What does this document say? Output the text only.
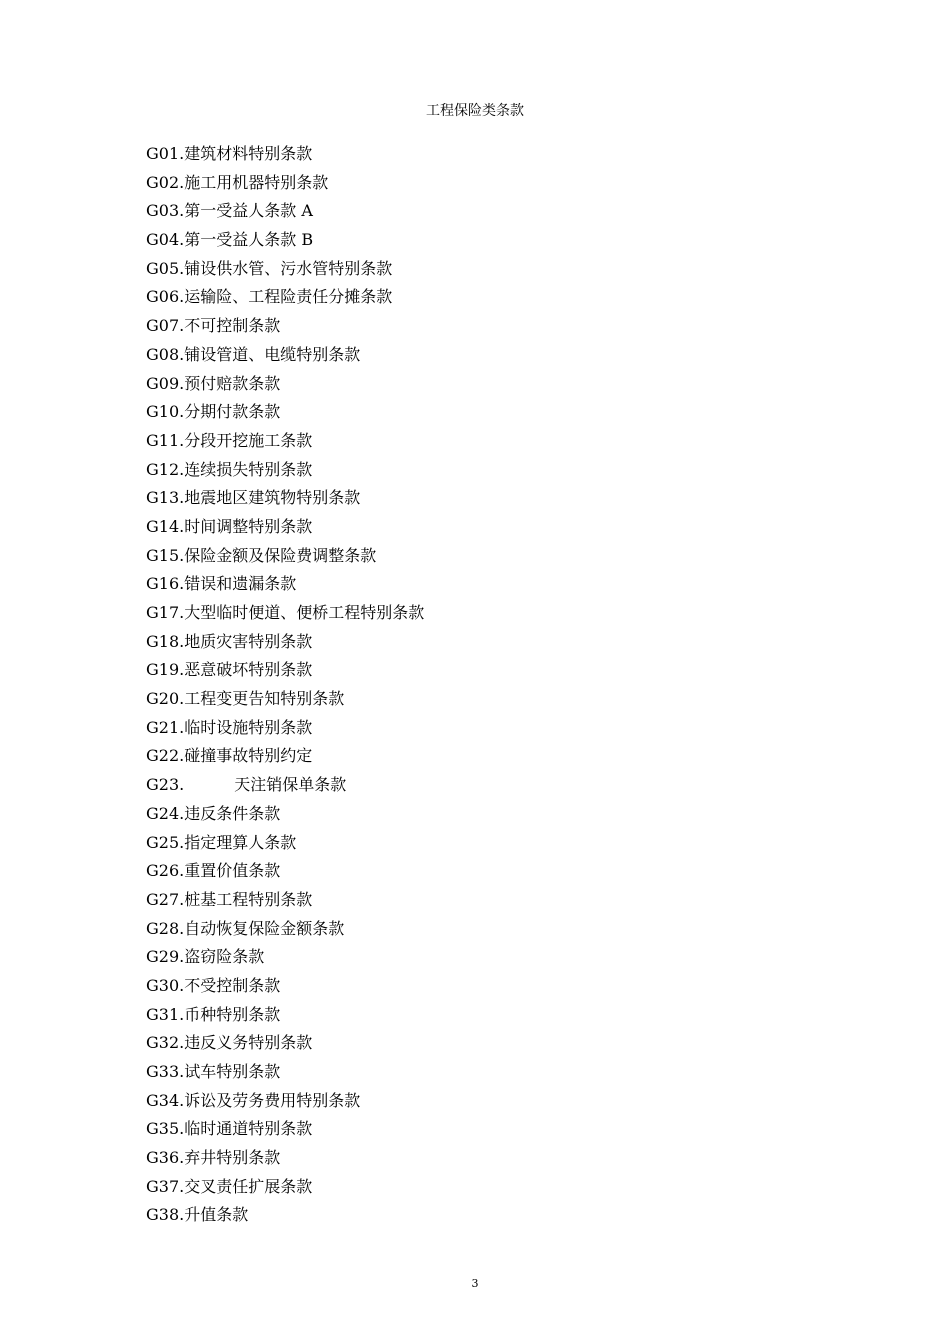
工程保险类条款
G01.建筑材料特别条款
G02.施工用机器特别条款
G03.第一受益人条款 A
G04.第一受益人条款 B
G05.铺设供水管、污水管特别条款
G06.运输险、工程险责任分摊条款
G07.不可控制条款
G08.铺设管道、电缆特别条款
G09.预付赔款条款
G10.分期付款条款
G11.分段开挖施工条款
G12.连续损失特别条款
G13.地震地区建筑物特别条款
G14.时间调整特别条款
G15.保险金额及保险费调整条款
G16.错误和遗漏条款
G17.大型临时便道、便桥工程特别条款
G18.地质灾害特别条款
G19.恶意破坏特别条款
G20.工程变更告知特别条款
G21.临时设施特别条款
G22.碰撞事故特别约定
G23.	天注销保单条款
G24.违反条件条款
G25.指定理算人条款
G26.重置价值条款
G27.桩基工程特别条款
G28.自动恢复保险金额条款
G29.盗窃险条款
G30.不受控制条款
G31.币种特别条款
G32.违反义务特别条款
G33.试车特别条款
G34.诉讼及劳务费用特别条款
G35.临时通道特别条款
G36.弃井特别条款
G37.交叉责任扩展条款
G38.升值条款
3
